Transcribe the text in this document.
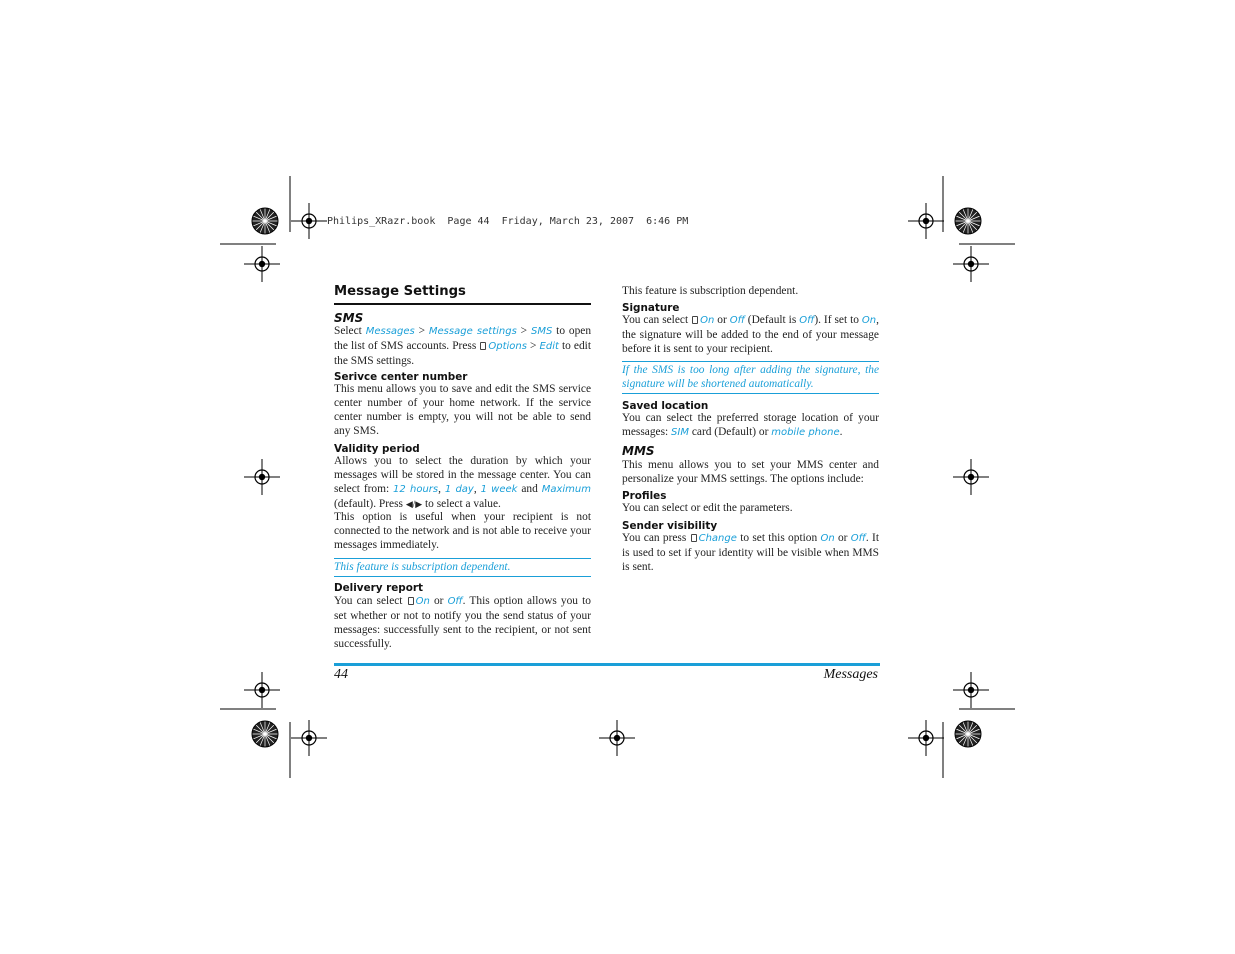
Philips_XRazr.book  Page 44  Friday, March 23, 2007  6:46 PM
Message Settings
SMS

Select Messages > Message settings > SMS to open the list of SMS accounts. Press Options > Edit to edit the SMS settings.

Serivce center number

This menu allows you to save and edit the SMS service center number of your home network. If the service center number is empty, you will not be able to send any SMS.

Validity period

Allows you to select the duration by which your messages will be stored in the message center. You can select from: 12 hours, 1 day, 1 week and Maximum (default). Press ◀/▶ to select a value.

This option is useful when your recipient is not connected to the network and is not able to receive your messages immediately.

This feature is subscription dependent.
Delivery report

You can select On or Off. This option allows you to set whether or not to notify you the send status of your messages: successfully sent to the recipient, or not sent successfully.

This feature is subscription dependent.

Signature

You can select On or Off (Default is Off). If set to On, the signature will be added to the end of your message before it is sent to your recipient.

If the SMS is too long after adding the signature, the signature will be shortened automatically.
Saved location

You can select the preferred storage location of your messages: SIM card (Default) or mobile phone.

MMS

This menu allows you to set your MMS center and personalize your MMS settings. The options include:

Profiles

You can select or edit the parameters.

Sender visibility

You can press Change to set this option On or Off. It is used to set if your identity will be visible when MMS is sent.

44	Messages
